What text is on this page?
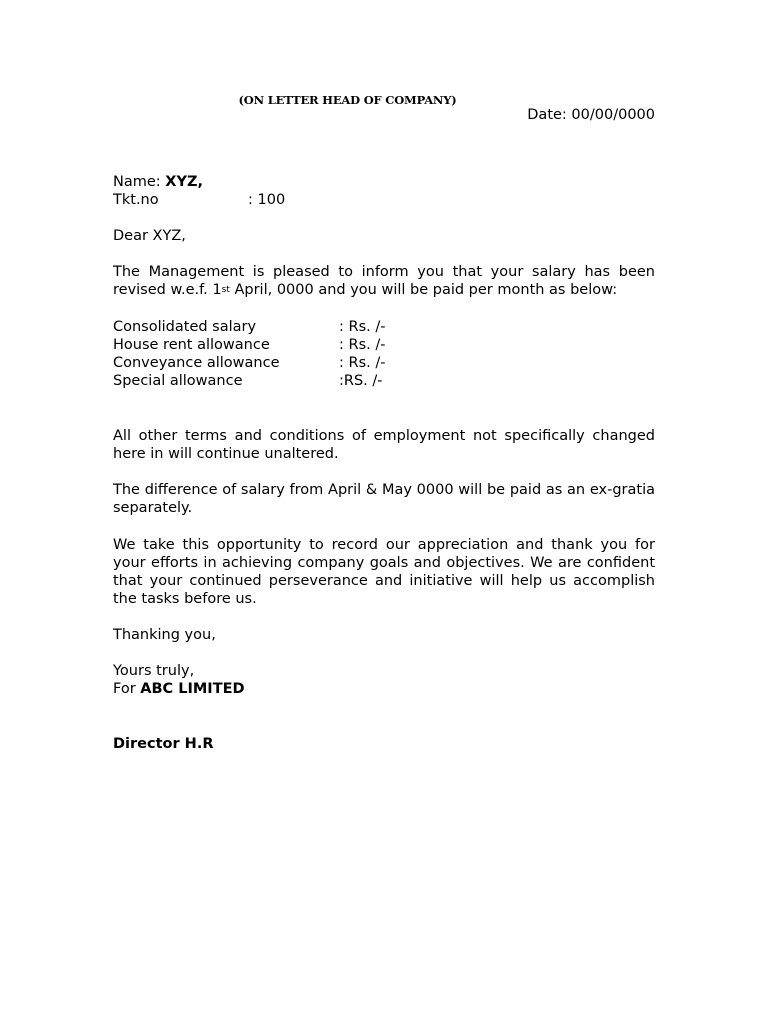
(ON LETTER HEAD OF COMPANY)
Date: 00/00/0000
Name: XYZ,
Tkt.no	: 100
Dear XYZ,
The Management is pleased to inform you that your salary has been
revised w.e.f. 1st April, 0000 and you will be paid per month as below:
Consolidated salary	: Rs. /-
House rent allowance	: Rs. /-
Conveyance allowance	: Rs. /-
Special allowance	:RS. /-
All other terms and conditions of employment not specifically changed here in will continue unaltered.
The difference of salary from April & May 0000 will be paid as an ex-gratia separately.
We take this opportunity to record our appreciation and thank you for your efforts in achieving company goals and objectives. We are confident that your continued perseverance and initiative will help us accomplish the tasks before us.
Thanking you,
Yours truly,
For ABC LIMITED
Director H.R
